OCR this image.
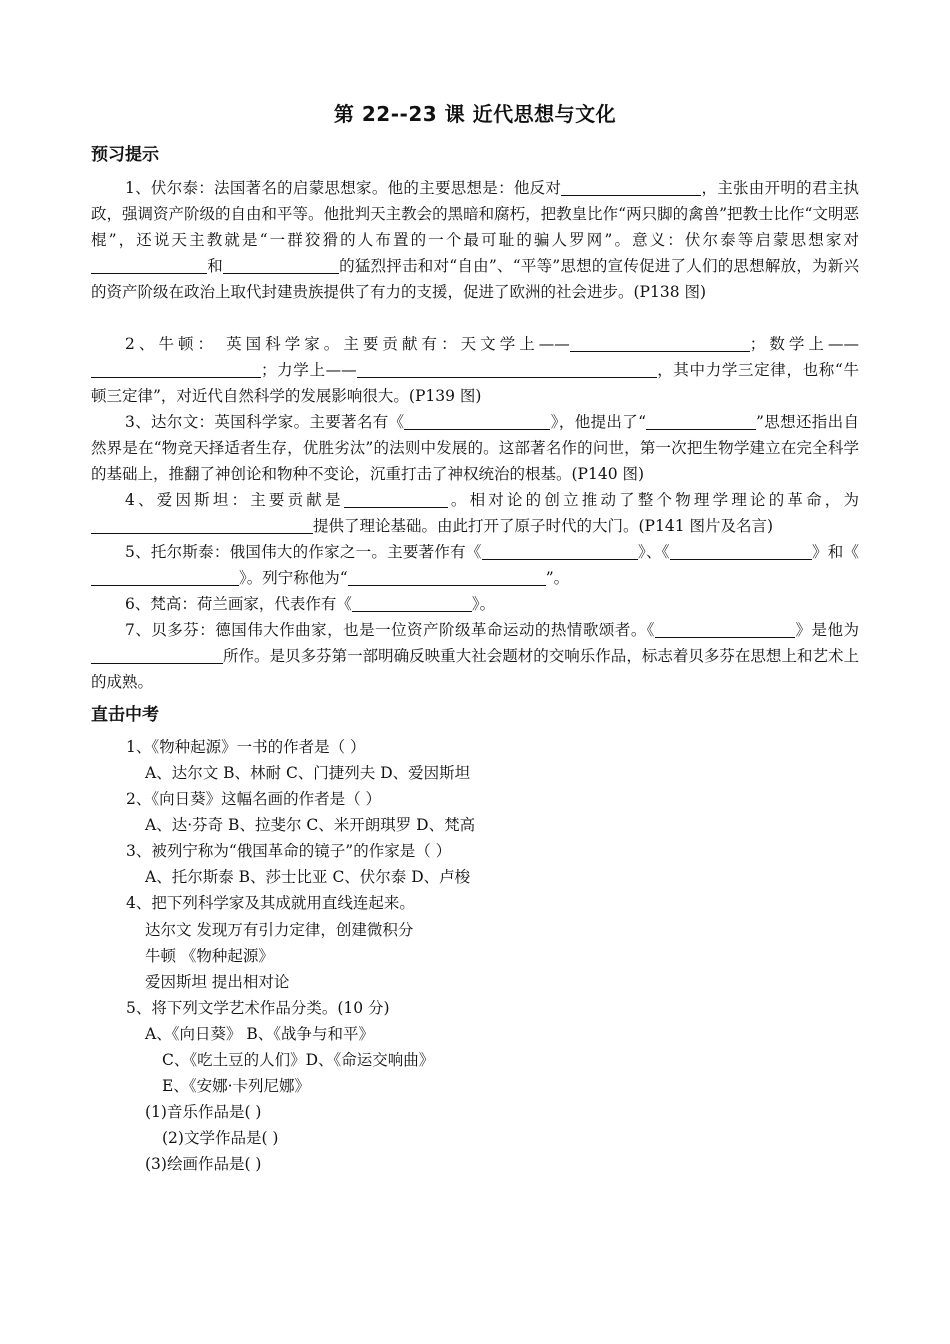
第 22--23 课 近代思想与文化
预习提示
1、伏尔泰：法国著名的启蒙思想家。他的主要思想是：他反对	，主张由开明的君主执政，强调资产阶级的自由和平等。他批判天主教会的黑暗和腐朽，把教皇比作“两只脚的禽兽”把教士比作“文明恶棍”，还说天主教就是“一群狡猾的人布置的一个最可耻的骗人罗网”。意义：伏尔泰等启蒙思想家对和	的猛烈抨击和对“自由”、“平等”思想的宣传促进了人们的思想解放，为新兴的资产阶级在政治上取代封建贵族提供了有力的支援，促进了欧洲的社会进步。(P138 图)
2、牛顿： 英国科学家。主要贡献有：天文学上——	；数学上——；力学上——	，其中力学三定律，也称“牛顿三定律”，对近代自然科学的发展影响很大。(P139 图)
3、达尔文：英国科学家。主要著名有《	》，他提出了“	”思想还指出自然界是在“物竞天择适者生存，优胜劣汰”的法则中发展的。这部著名作的问世，第一次把生物学建立在完全科学的基础上，推翻了神创论和物种不变论，沉重打击了神权统治的根基。(P140 图)
4、爱因斯坦：主要贡献是	。相对论的创立推动了整个物理学理论的革命，为提供了理论基础。由此打开了原子时代的大门。(P141 图片及名言)
5、托尔斯泰：俄国伟大的作家之一。主要著作有《	》、《	》和《》。列宁称他为“	”。
6、梵高：荷兰画家，代表作有《	》。
7、贝多芬：德国伟大作曲家，也是一位资产阶级革命运动的热情歌颂者。《	》是他为所作。是贝多芬第一部明确反映重大社会题材的交响乐作品，标志着贝多芬在思想上和艺术上的成熟。
直击中考
1、《物种起源》一书的作者是（ ）
A、达尔文 B、林耐 C、门捷列夫 D、爱因斯坦
2、《向日葵》这幅名画的作者是（ ）
A、达·芬奇 B、拉斐尔 C、米开朗琪罗 D、梵高
3、被列宁称为“俄国革命的镜子”的作家是（ ）
A、托尔斯泰 B、莎士比亚 C、伏尔泰 D、卢梭
4、把下列科学家及其成就用直线连起来。
达尔文 发现万有引力定律，创建微积分
牛顿 《物种起源》
爱因斯坦 提出相对论
5、将下列文学艺术作品分类。(10 分)
A、《向日葵》 B、《战争与和平》
C、《吃土豆的人们》D、《命运交响曲》
E、《安娜·卡列尼娜》
(1)音乐作品是( )
(2)文学作品是( )
(3)绘画作品是( )
